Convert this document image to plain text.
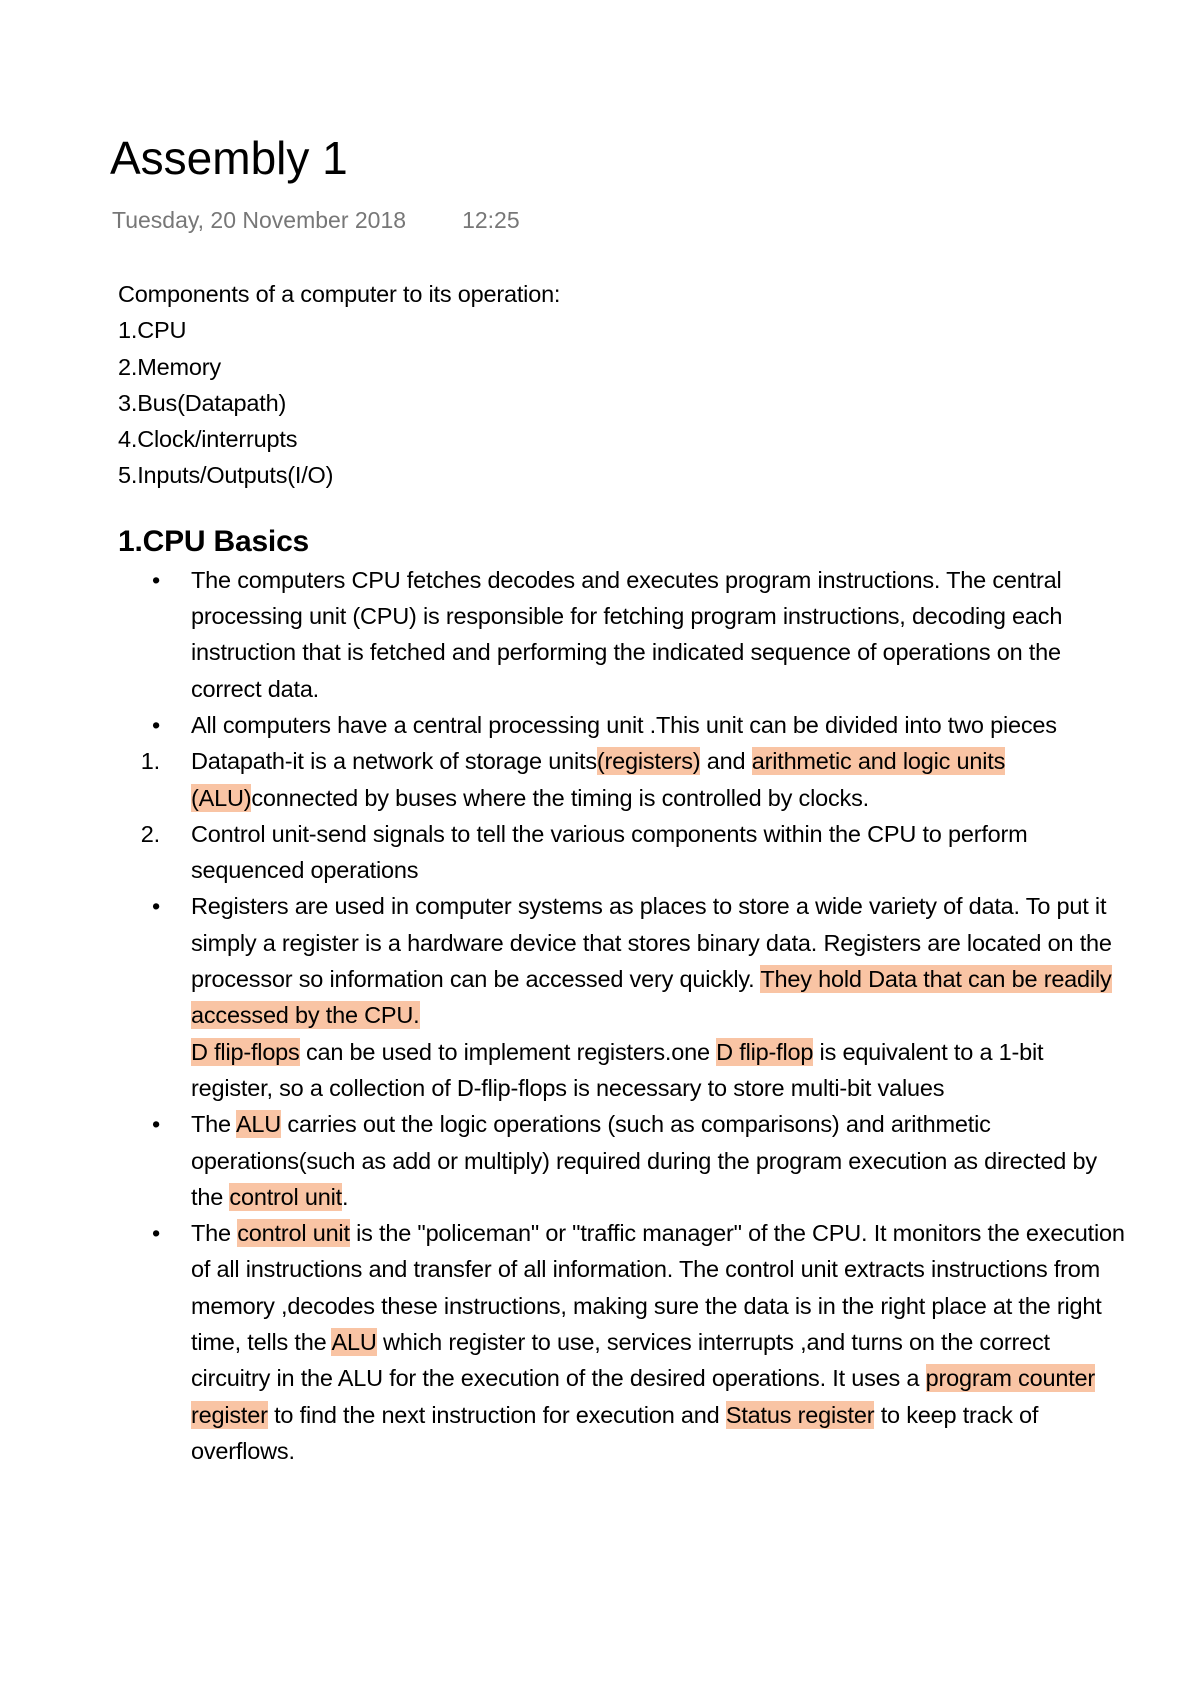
Assembly 1
Tuesday, 20 November 2018 12:25

Components of a computer to its operation:

1.CPU

2.Memory

3.Bus(Datapath)

4.Clock/interrupts

5.Inputs/Outputs(I/O)

1.CPU Basics
•	The computers CPU fetches decodes and executes program instructions. The central processing unit (CPU) is responsible for fetching program instructions, decoding each instruction that is fetched and performing the indicated sequence of operations on the correct data.
•	All computers have a central processing unit .This unit can be divided into two pieces
1. Datapath-it is a network of storage units(registers) and arithmetic and logic units (ALU)connected by buses where the timing is controlled by clocks.
2. Control unit-send signals to tell the various components within the CPU to perform sequenced operations
•	Registers are used in computer systems as places to store a wide variety of data. To put it simply a register is a hardware device that stores binary data. Registers are located on the processor so information can be accessed very quickly. They hold Data that can be readily accessed by the CPU.
D flip-flops can be used to implement registers.one D flip-flop is equivalent to a 1-bit register, so a collection of D-flip-flops is necessary to store multi-bit values
•	The ALU carries out the logic operations (such as comparisons) and arithmetic operations(such as add or multiply) required during the program execution as directed by the control unit.
•	The control unit is the "policeman" or "traffic manager" of the CPU. It monitors the execution of all instructions and transfer of all information. The control unit extracts instructions from memory ,decodes these instructions, making sure the data is in the right place at the right time, tells the ALU which register to use, services interrupts ,and turns on the correct circuitry in the ALU for the execution of the desired operations. It uses a program counter register to find the next instruction for execution and Status register to keep track of overflows.
